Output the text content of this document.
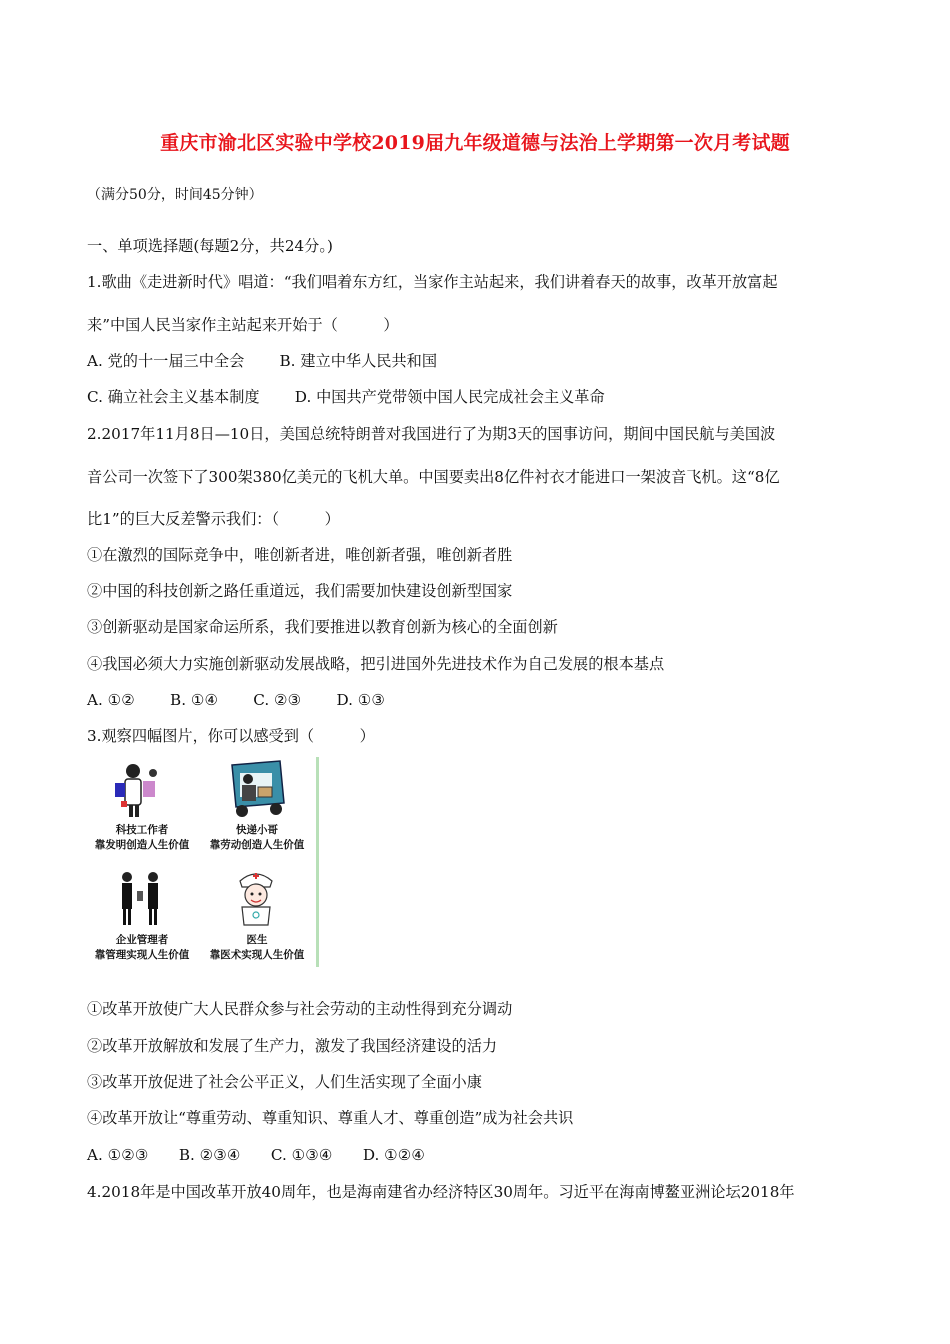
重庆市渝北区实验中学校2019届九年级道德与法治上学期第一次月考试题
（满分50分，时间45分钟）
一、单项选择题(每题2分，共24分。)
1.歌曲《走进新时代》唱道：“我们唱着东方红，当家作主站起来，我们讲着春天的故事，改革开放富起
来”中国人民当家作主站起来开始于（　　　）
A. 党的十一届三中全会　　 B. 建立中华人民共和国
C. 确立社会主义基本制度　　 D. 中国共产党带领中国人民完成社会主义革命
2.2017年11月8日—10日，美国总统特朗普对我国进行了为期3天的国事访问，期间中国民航与美国波
音公司一次签下了300架380亿美元的飞机大单。中国要卖出8亿件衬衣才能进口一架波音飞机。这“8亿
比1”的巨大反差警示我们：（　　　）
①在激烈的国际竞争中，唯创新者进，唯创新者强，唯创新者胜
②中国的科技创新之路任重道远，我们需要加快建设创新型国家
③创新驱动是国家命运所系，我们要推进以教育创新为核心的全面创新
④我国必须大力实施创新驱动发展战略，把引进国外先进技术作为自己发展的根本基点
A. ①②　　 B. ①④　　 C. ②③　　 D. ①③
3.观察四幅图片，你可以感受到（　　　）
科技工作者
靠发明创造人生价值
快递小哥
靠劳动创造人生价值
企业管理者
靠管理实现人生价值
医生
靠医术实现人生价值
①改革开放使广大人民群众参与社会劳动的主动性得到充分调动
②改革开放解放和发展了生产力，激发了我国经济建设的活力
③改革开放促进了社会公平正义，人们生活实现了全面小康
④改革开放让“尊重劳动、尊重知识、尊重人才、尊重创造”成为社会共识
A. ①②③　　B. ②③④　　C. ①③④　　D. ①②④
4.2018年是中国改革开放40周年，也是海南建省办经济特区30周年。习近平在海南博鳌亚洲论坛2018年
